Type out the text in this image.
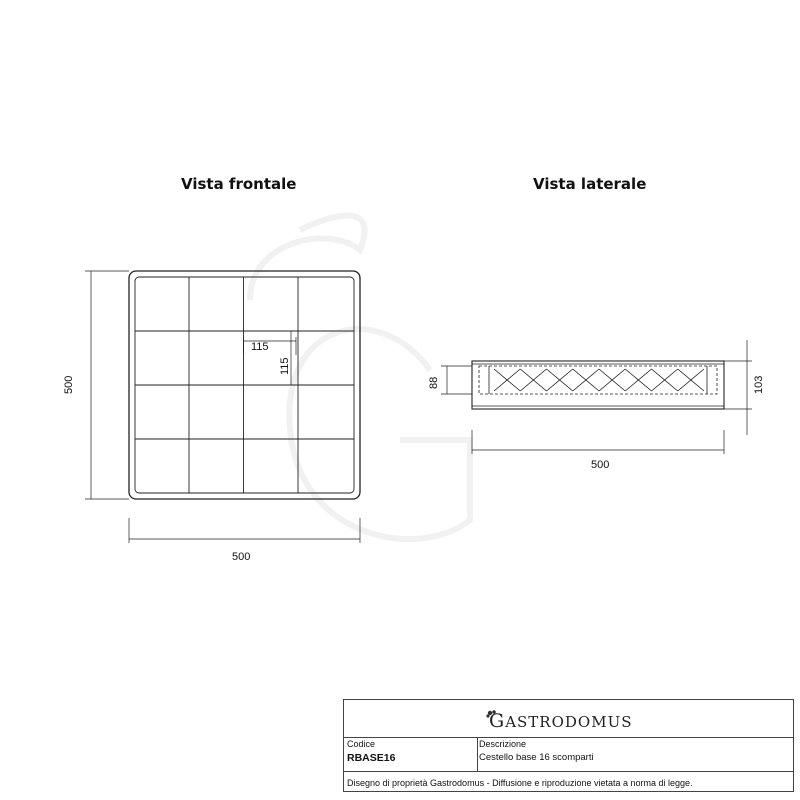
115
115
500
500
88	103
500
Vista frontale	Vista laterale
GASTRODOMUS
Codice
RBASE16
Descrizione
Cestello base 16 scomparti
Disegno di proprietà Gastrodomus - Diffusione e riproduzione vietata a norma di legge.
